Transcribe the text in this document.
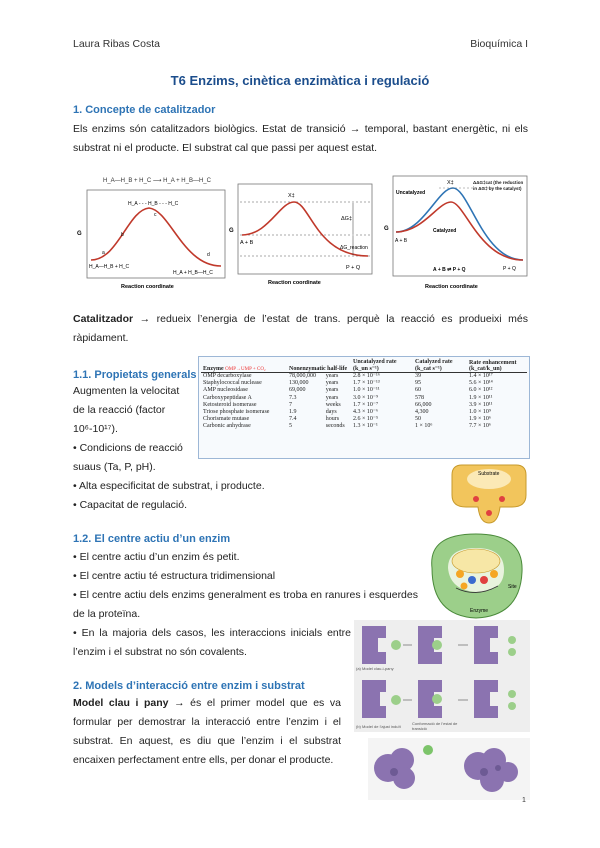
Laura Ribas Costa	Bioquímica I
T6 Enzims, cinètica enzimàtica i regulació
1. Concepte de catalitzador
Els enzims són catalitzadors biològics. Estat de transició → temporal, bastant energètic, ni els substrat ni el producte. El substrat cal que passi per aquest estat.
H_A—H_B + H_C ⟶ H_A + H_B—H_C
G
H_A - - - H_B - - - H_C
c
a
b
d
H_A—H_B + H_C
H_A + H_B—H_C
Reaction coordinate
G
X‡
ΔG‡
ΔG_reaction
A + B
P + Q
Reaction coordinate
G
X‡
Uncatalyzed
Catalyzed
ΔΔG‡cat (the reduction in ΔG‡ by the catalyst)
A + B
P + Q
A + B ⇌ P + Q
Reaction coordinate
Catalitzador → redueix l’energia de l’estat de trans. perquè la reacció es produeixi més ràpidament.
1.1. Propietats generals
Augmenten la velocitat
de la reacció (factor
10⁶-10¹⁷).
• Condicions de reacció
suaus (Ta, P, pH).
• Alta especificitat de substrat, i producte.
• Capacitat de regulació.
Enzyme OMP→UMP + CO₂	Nonenzymatic half-life		Uncatalyzed rate (k_un s⁻¹)	Catalyzed rate (k_cat s⁻¹)	Rate enhancement (k_cat/k_un)
OMP decarboxylase	78,000,000	years	2.8 × 10⁻¹⁶	39	1.4 × 10¹⁷
Staphylococcal nuclease	130,000	years	1.7 × 10⁻¹³	95	5.6 × 10¹⁴
AMP nucleosidase	69,000	years	1.0 × 10⁻¹¹	60	6.0 × 10¹²
Carboxypeptidase A	7.3	years	3.0 × 10⁻⁹	578	1.9 × 10¹¹
Ketosteroid isomerase	7	weeks	1.7 × 10⁻⁷	66,000	3.9 × 10¹¹
Triose phosphate isomerase	1.9	days	4.3 × 10⁻⁶	4,300	1.0 × 10⁹
Chorismate mutase	7.4	hours	2.6 × 10⁻⁵	50	1.9 × 10⁶
Carbonic anhydrase	5	seconds	1.3 × 10⁻¹	1 × 10⁶	7.7 × 10⁶
Substrate
Enzyme
Site
1.2. El centre actiu d’un enzim
• El centre actiu d’un enzim és petit.
• El centre actiu té estructura tridimensional
• El centre actiu dels enzims generalment es troba en ranures i esquerdes de la proteïna.
• En la majoria dels casos, les interaccions inicials entre l’enzim i el substrat no són covalents.
(a) Model clau-i-pany
Conformació de l’estat de transició
(b) Model de l’ajust induït
2. Models d’interacció entre enzim i substrat
Model clau i pany → és el primer model que es va formular per demostrar la interacció entre l’enzim i el substrat. En aquest, es diu que l’enzim i el substrat encaixen perfectament entre ells, per donar el producte.
1
